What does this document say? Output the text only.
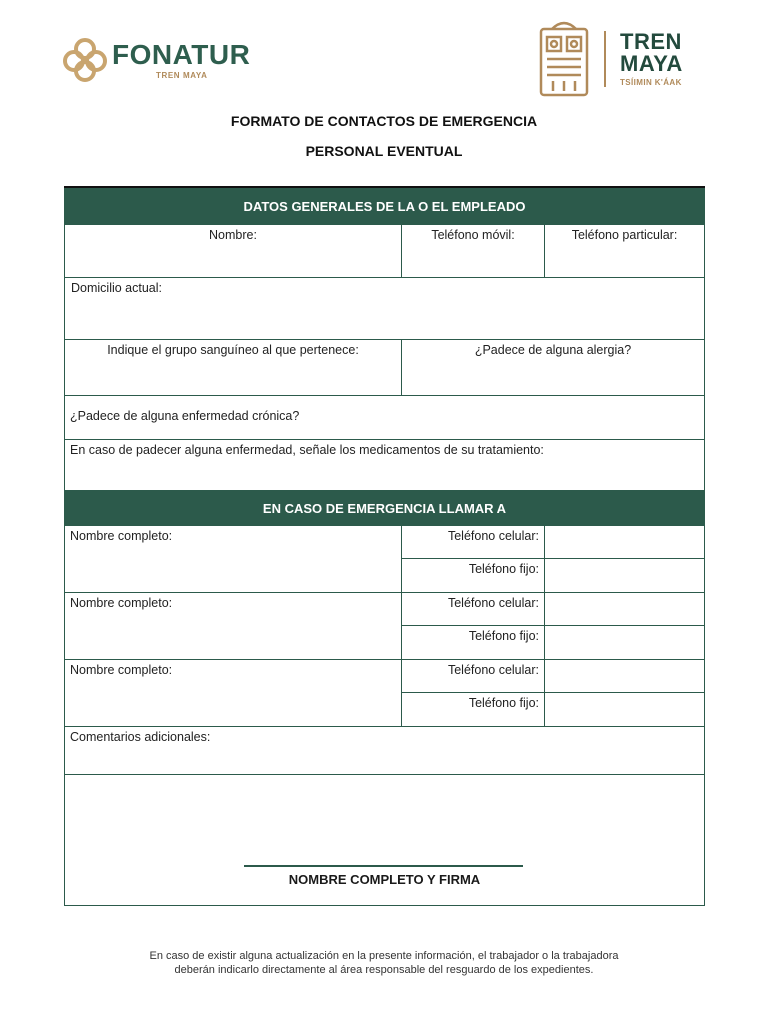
FONATUR
TREN MAYA
TREN
MAYA
TSÍIMIN K'ÁAK
FORMATO DE CONTACTOS DE EMERGENCIA
PERSONAL EVENTUAL
DATOS GENERALES DE LA O EL EMPLEADO
Nombre:	Teléfono móvil:	Teléfono particular:
Domicilio actual:
Indique el grupo sanguíneo al que pertenece:	¿Padece de alguna alergia?
¿Padece de alguna enfermedad crónica?
En caso de padecer alguna enfermedad, señale los medicamentos de su tratamiento:
EN CASO DE EMERGENCIA LLAMAR A
Nombre completo:	Teléfono celular:
Teléfono fijo:
Nombre completo:	Teléfono celular:
Teléfono fijo:
Nombre completo:	Teléfono celular:
Teléfono fijo:
Comentarios adicionales:
NOMBRE COMPLETO Y FIRMA
En caso de existir alguna actualización en la presente información, el trabajador o la trabajadora
deberán indicarlo directamente al área responsable del resguardo de los expedientes.
